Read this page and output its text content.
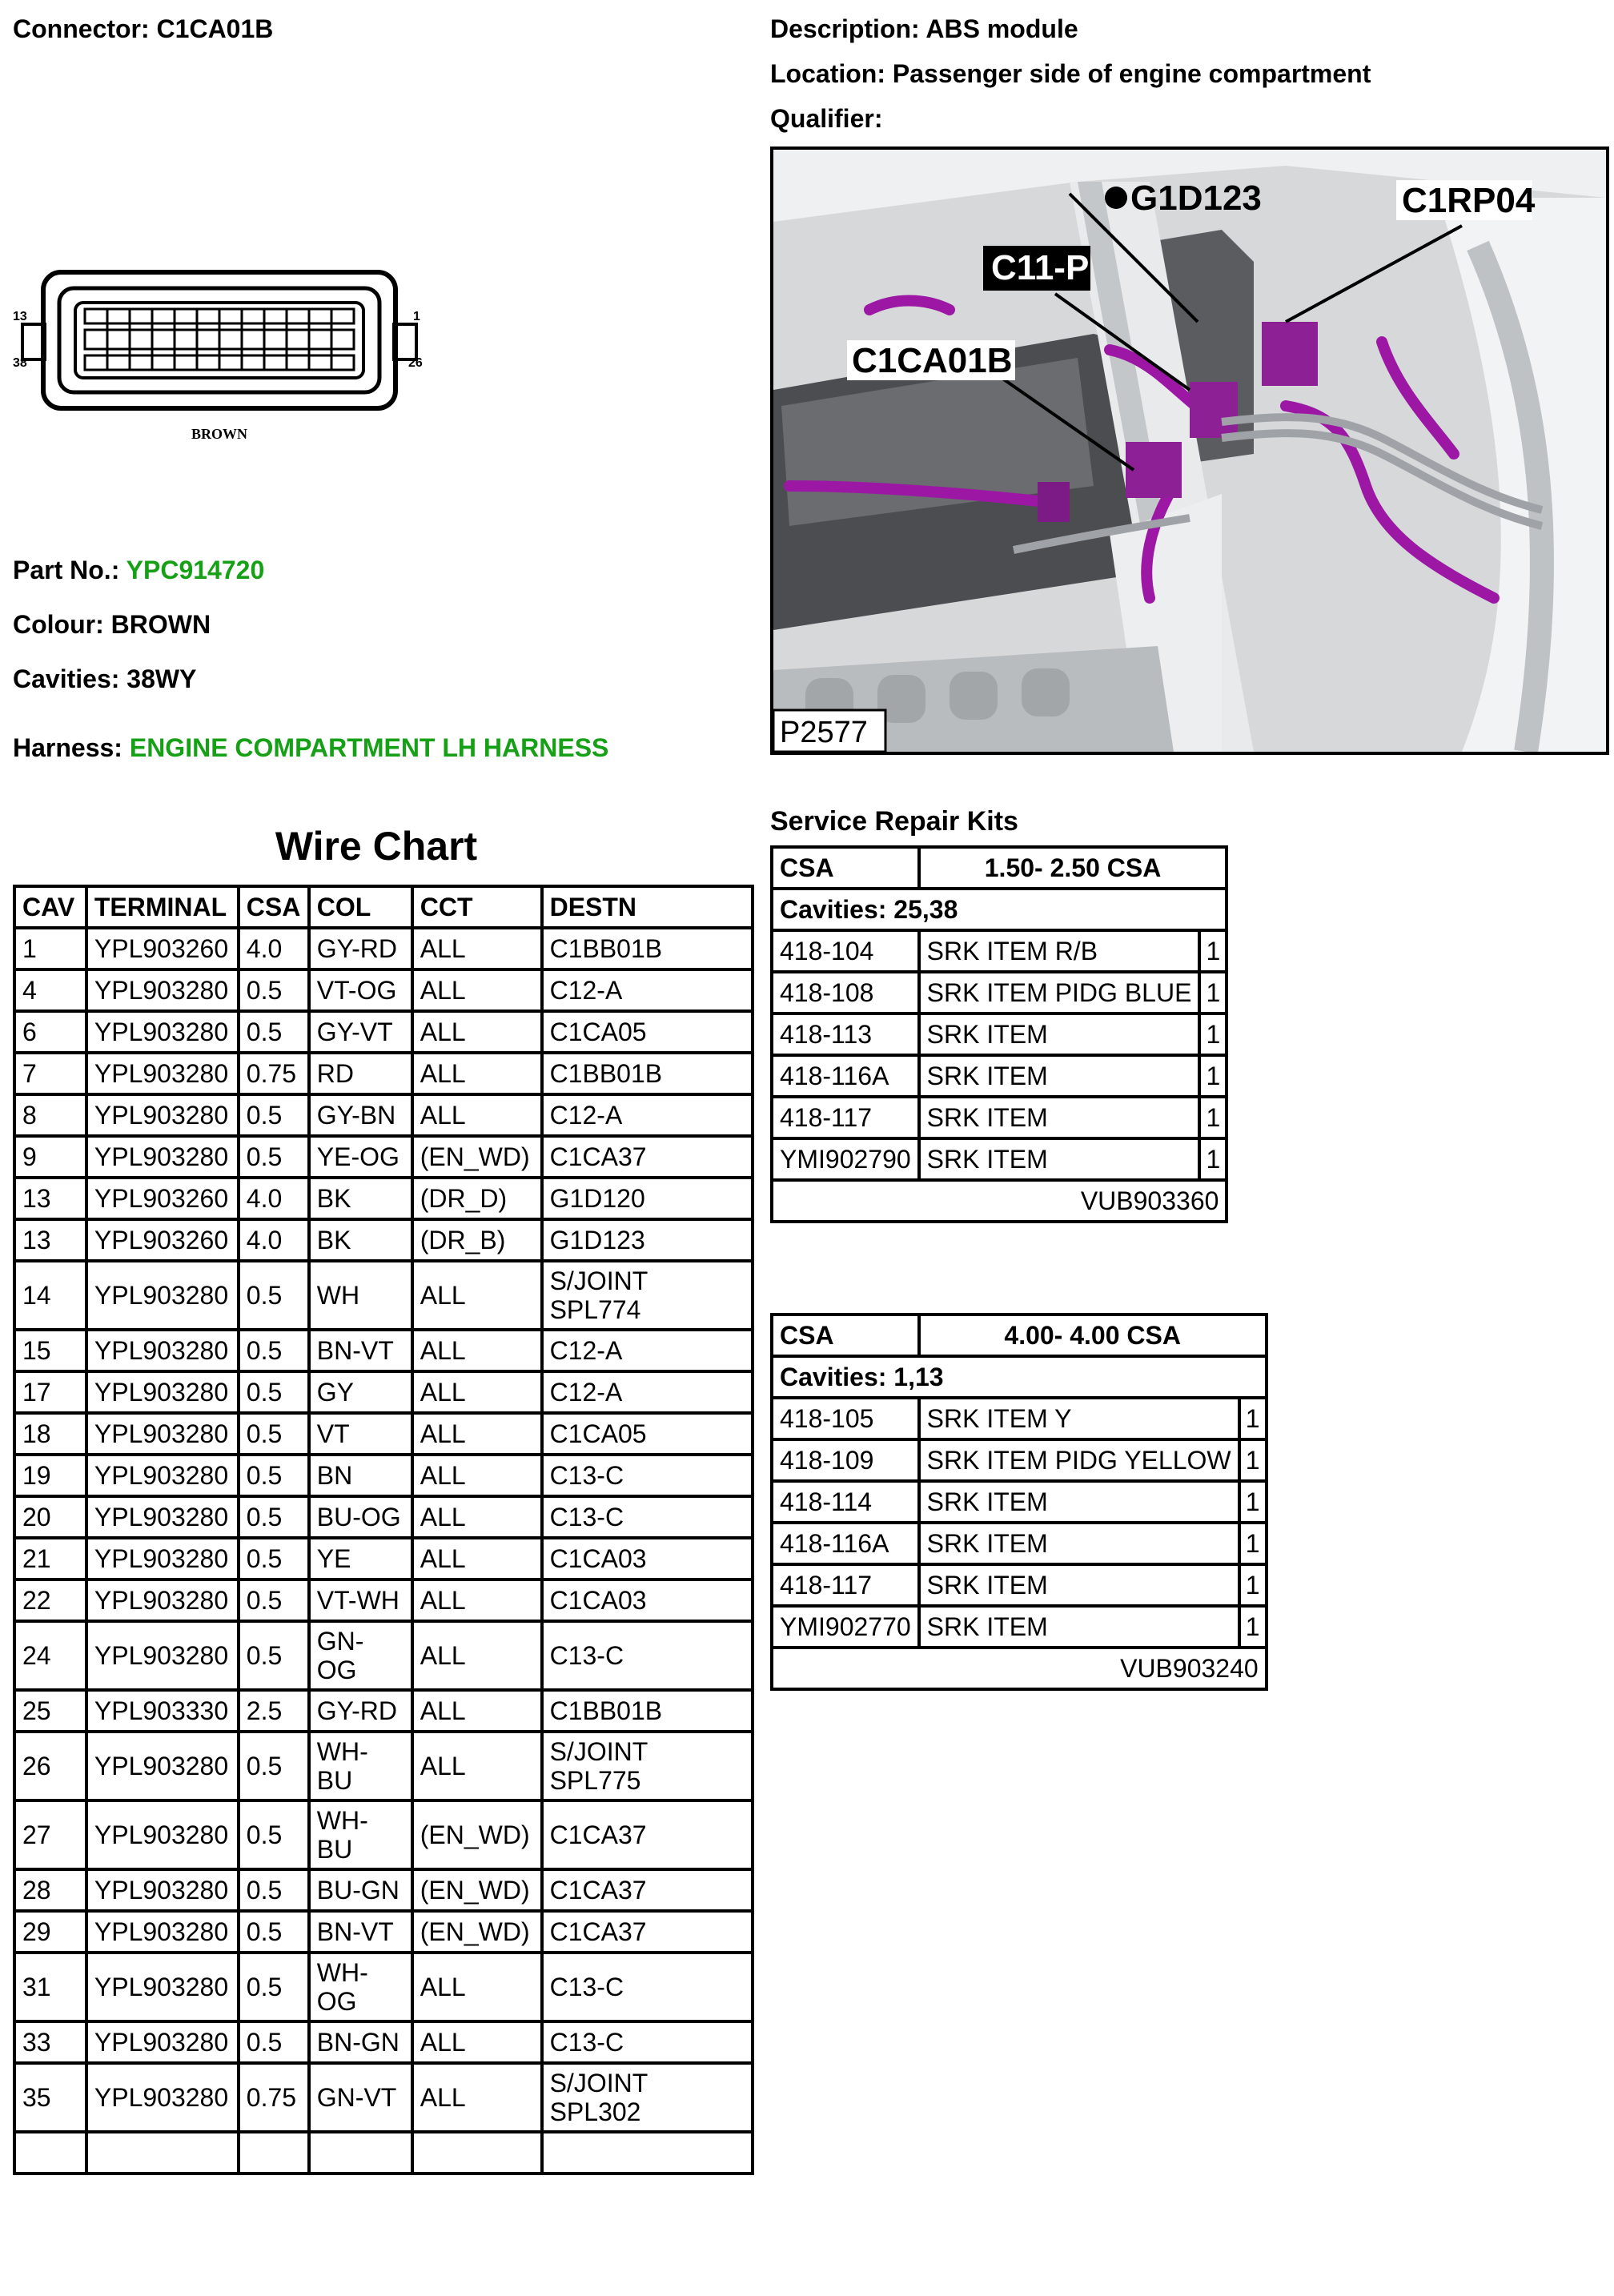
Connector: C1CA01B	Description: ABS module
Location: Passenger side of engine compartment
Qualifier:
13	1
38	26
BROWN
Part No.: YPC914720
Colour: BROWN
Cavities: 38WY
Harness: ENGINE COMPARTMENT LH HARNESS
G1D123	C1RP04
C11-P
C1CA01B
P2577
Wire Chart
CAV	TERMINAL	CSA	COL	CCT	DESTN
1	YPL903260	4.0	GY-RD	ALL	C1BB01B
4	YPL903280	0.5	VT-OG	ALL	C12-A
6	YPL903280	0.5	GY-VT	ALL	C1CA05
7	YPL903280	0.75	RD	ALL	C1BB01B
8	YPL903280	0.5	GY-BN	ALL	C12-A
9	YPL903280	0.5	YE-OG	(EN_WD)	C1CA37
13	YPL903260	4.0	BK	(DR_D)	G1D120
13	YPL903260	4.0	BK	(DR_B)	G1D123
14	YPL903280	0.5	WH	ALL	S/JOINT
SPL774
15	YPL903280	0.5	BN-VT	ALL	C12-A
17	YPL903280	0.5	GY	ALL	C12-A
18	YPL903280	0.5	VT	ALL	C1CA05
19	YPL903280	0.5	BN	ALL	C13-C
20	YPL903280	0.5	BU-OG	ALL	C13-C
21	YPL903280	0.5	YE	ALL	C1CA03
22	YPL903280	0.5	VT-WH	ALL	C1CA03
24	YPL903280	0.5	GN-
OG	ALL	C13-C
25	YPL903330	2.5	GY-RD	ALL	C1BB01B
26	YPL903280	0.5	WH-
BU	ALL	S/JOINT
SPL775
27	YPL903280	0.5	WH-
BU	(EN_WD)	C1CA37
28	YPL903280	0.5	BU-GN	(EN_WD)	C1CA37
29	YPL903280	0.5	BN-VT	(EN_WD)	C1CA37
31	YPL903280	0.5	WH-
OG	ALL	C13-C
33	YPL903280	0.5	BN-GN	ALL	C13-C
35	YPL903280	0.75	GN-VT	ALL	S/JOINT
SPL302

Service Repair Kits
CSA	1.50- 2.50 CSA	
Cavities: 25,38		
418-104	SRK ITEM R/B	1
418-108	SRK ITEM PIDG BLUE	1
418-113	SRK ITEM	1
418-116A	SRK ITEM	1
418-117	SRK ITEM	1
YMI902790	SRK ITEM	1
VUB903360		
CSA	4.00- 4.00 CSA	
Cavities: 1,13		
418-105	SRK ITEM Y	1
418-109	SRK ITEM PIDG YELLOW	1
418-114	SRK ITEM	1
418-116A	SRK ITEM	1
418-117	SRK ITEM	1
YMI902770	SRK ITEM	1
VUB903240		
